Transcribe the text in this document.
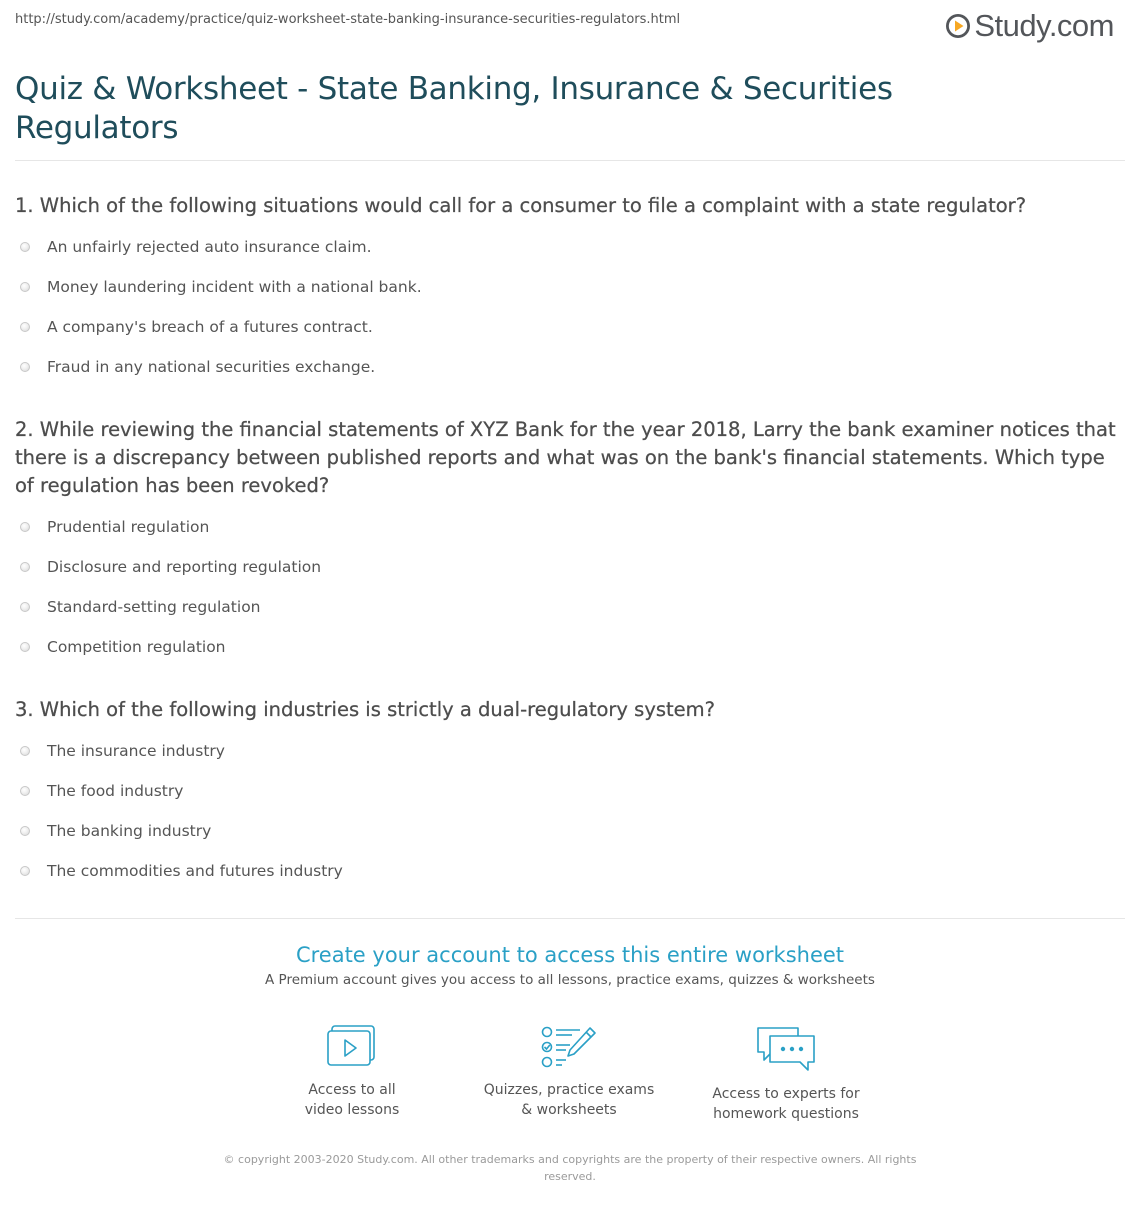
http://study.com/academy/practice/quiz-worksheet-state-banking-insurance-securities-regulators.html	Study.com
Quiz & Worksheet - State Banking, Insurance & Securities Regulators
1. Which of the following situations would call for a consumer to file a complaint with a state regulator?
An unfairly rejected auto insurance claim.
Money laundering incident with a national bank.
A company's breach of a futures contract.
Fraud in any national securities exchange.
2. While reviewing the financial statements of XYZ Bank for the year 2018, Larry the bank examiner notices that there is a discrepancy between published reports and what was on the bank's financial statements. Which type of regulation has been revoked?
Prudential regulation
Disclosure and reporting regulation
Standard-setting regulation
Competition regulation
3. Which of the following industries is strictly a dual-regulatory system?
The insurance industry
The food industry
The banking industry
The commodities and futures industry
Create your account to access this entire worksheet
A Premium account gives you access to all lessons, practice exams, quizzes & worksheets
Access to all
video lessons
Quizzes, practice exams
& worksheets
Access to experts for
homework questions
© copyright 2003-2020 Study.com. All other trademarks and copyrights are the property of their respective owners. All rights reserved.
